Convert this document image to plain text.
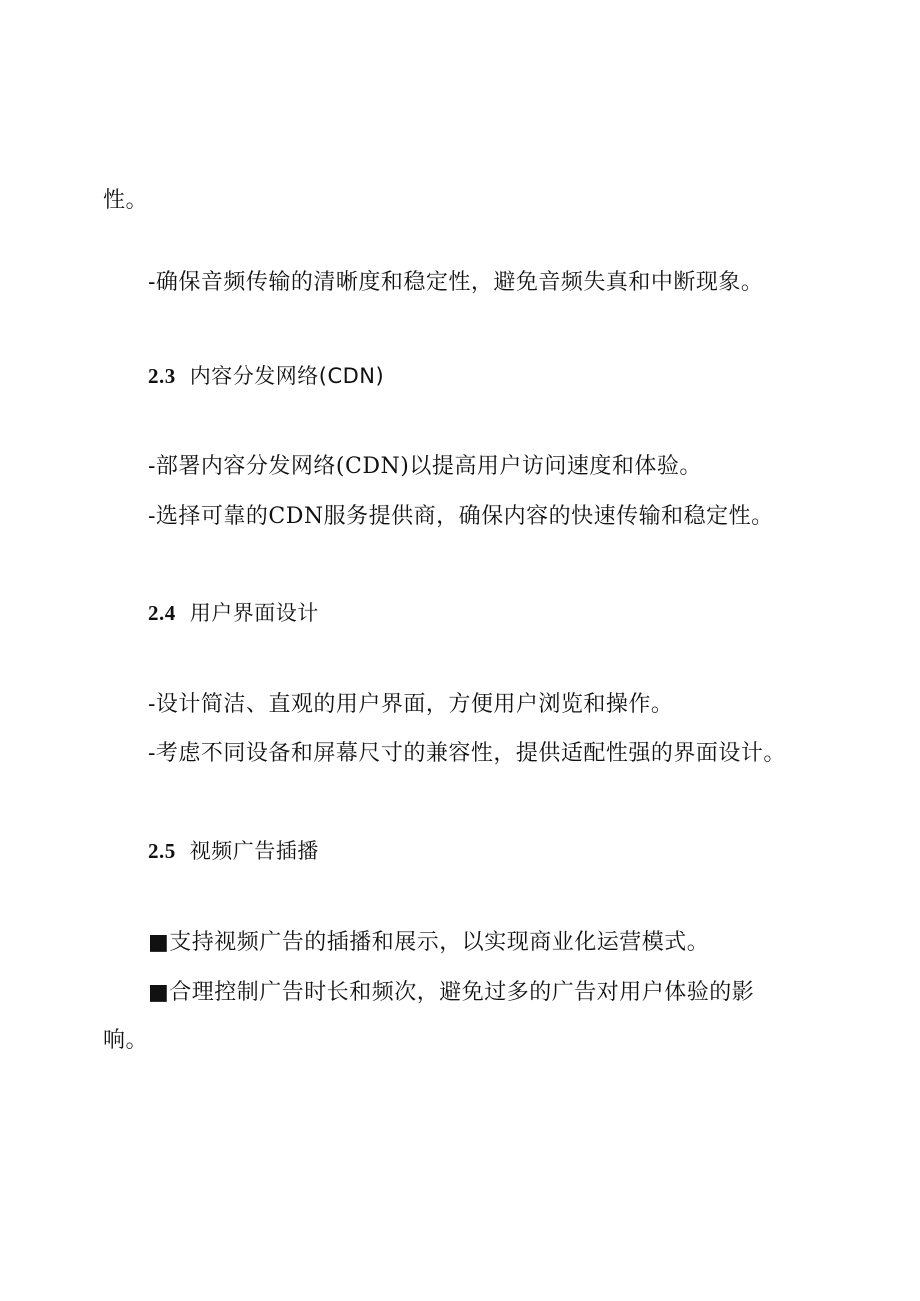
性。
-确保音频传输的清晰度和稳定性，避免音频失真和中断现象。
2.3 内容分发网络(CDN)
-部署内容分发网络(CDN)以提高用户访问速度和体验。
-选择可靠的CDN服务提供商，确保内容的快速传输和稳定性。
2.4 用户界面设计
-设计简洁、直观的用户界面，方便用户浏览和操作。
-考虑不同设备和屏幕尺寸的兼容性，提供适配性强的界面设计。
2.5 视频广告插播
■支持视频广告的插播和展示，以实现商业化运营模式。
■合理控制广告时长和频次，避免过多的广告对用户体验的影
响。
